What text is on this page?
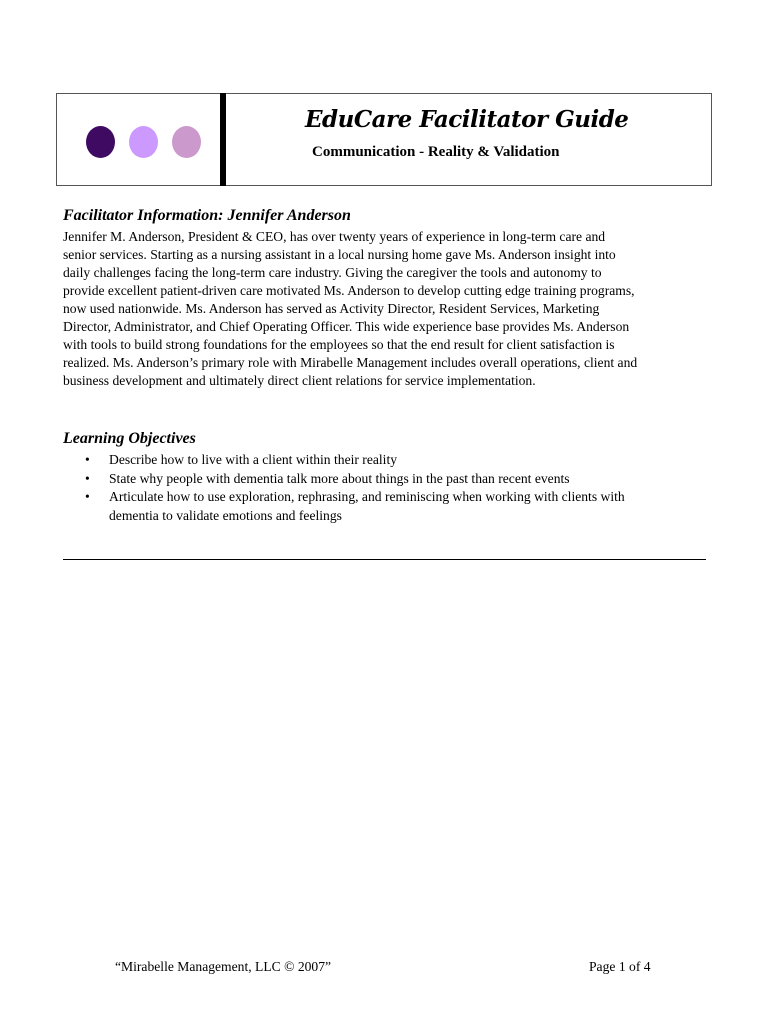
EduCare Facilitator Guide
Communication - Reality & Validation
Facilitator Information: Jennifer Anderson

Jennifer M. Anderson, President & CEO, has over twenty years of experience in long-term care and

senior services. Starting as a nursing assistant in a local nursing home gave Ms. Anderson insight into

daily challenges facing the long-term care industry. Giving the caregiver the tools and autonomy to

provide excellent patient-driven care motivated Ms. Anderson to develop cutting edge training programs,

now used nationwide. Ms. Anderson has served as Activity Director, Resident Services, Marketing

Director, Administrator, and Chief Operating Officer. This wide experience base provides Ms. Anderson

with tools to build strong foundations for the employees so that the end result for client satisfaction is

realized. Ms. Anderson’s primary role with Mirabelle Management includes overall operations, client and

business development and ultimately direct client relations for service implementation.

Learning Objectives
• Describe how to live with a client within their reality
• State why people with dementia talk more about things in the past than recent events
• Articulate how to use exploration, rephrasing, and reminiscing when working with clients with
dementia to validate emotions and feelings
“Mirabelle Management, LLC © 2007”	Page 1 of 4
